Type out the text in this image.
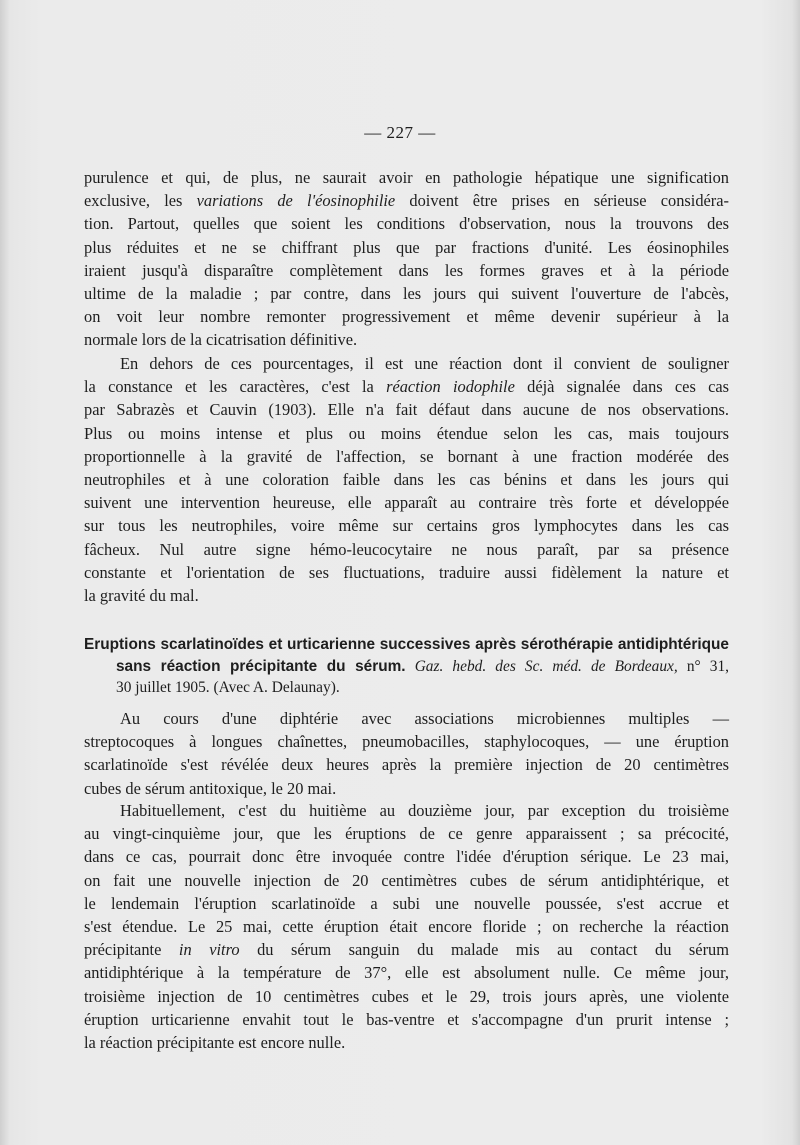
— 227 —
purulence et qui, de plus, ne saurait avoir en pathologie hépatique une signification
exclusive, les variations de l'éosinophilie doivent être prises en sérieuse considéra-
tion. Partout, quelles que soient les conditions d'observation, nous la trouvons des
plus réduites et ne se chiffrant plus que par fractions d'unité. Les éosinophiles
iraient jusqu'à disparaître complètement dans les formes graves et à la période
ultime de la maladie ; par contre, dans les jours qui suivent l'ouverture de l'abcès,
on voit leur nombre remonter progressivement et même devenir supérieur à la
normale lors de la cicatrisation définitive.
En dehors de ces pourcentages, il est une réaction dont il convient de souligner
la constance et les caractères, c'est la réaction iodophile déjà signalée dans ces cas
par Sabrazès et Cauvin (1903). Elle n'a fait défaut dans aucune de nos observations.
Plus ou moins intense et plus ou moins étendue selon les cas, mais toujours
proportionnelle à la gravité de l'affection, se bornant à une fraction modérée des
neutrophiles et à une coloration faible dans les cas bénins et dans les jours qui
suivent une intervention heureuse, elle apparaît au contraire très forte et développée
sur tous les neutrophiles, voire même sur certains gros lymphocytes dans les cas
fâcheux. Nul autre signe hémo-leucocytaire ne nous paraît, par sa présence
constante et l'orientation de ses fluctuations, traduire aussi fidèlement la nature et
la gravité du mal.
Eruptions scarlatinoïdes et urticarienne successives après sérothérapie antidiphtérique
sans réaction précipitante du sérum. Gaz. hebd. des Sc. méd. de Bordeaux, n° 31,
30 juillet 1905. (Avec A. Delaunay).
Au cours d'une diphtérie avec associations microbiennes multiples —
streptocoques à longues chaînettes, pneumobacilles, staphylocoques, — une éruption
scarlatinoïde s'est révélée deux heures après la première injection de 20 centimètres
cubes de sérum antitoxique, le 20 mai.
Habituellement, c'est du huitième au douzième jour, par exception du troisième
au vingt-cinquième jour, que les éruptions de ce genre apparaissent ; sa précocité,
dans ce cas, pourrait donc être invoquée contre l'idée d'éruption sérique. Le 23 mai,
on fait une nouvelle injection de 20 centimètres cubes de sérum antidiphtérique, et
le lendemain l'éruption scarlatinoïde a subi une nouvelle poussée, s'est accrue et
s'est étendue. Le 25 mai, cette éruption était encore floride ; on recherche la réaction
précipitante in vitro du sérum sanguin du malade mis au contact du sérum
antidiphtérique à la température de 37°, elle est absolument nulle. Ce même jour,
troisième injection de 10 centimètres cubes et le 29, trois jours après, une violente
éruption urticarienne envahit tout le bas-ventre et s'accompagne d'un prurit intense ;
la réaction précipitante est encore nulle.
